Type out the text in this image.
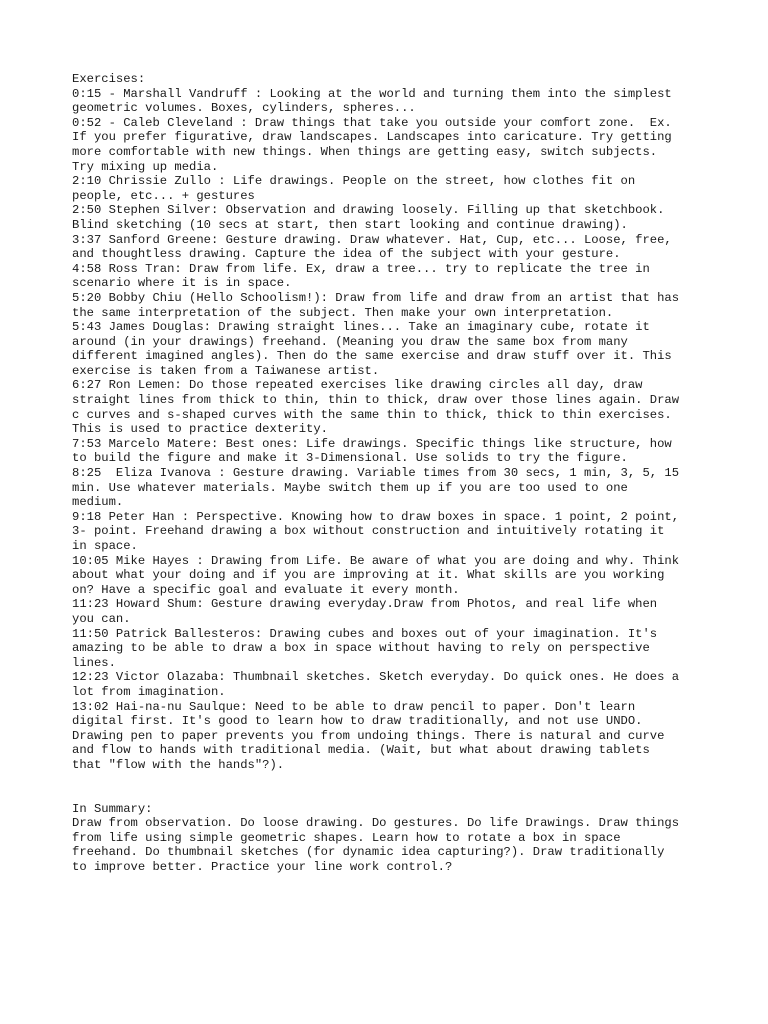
Exercises:
0:15 - Marshall Vandruff : Looking at the world and turning them into the simplest
geometric volumes. Boxes, cylinders, spheres...
0:52 - Caleb Cleveland : Draw things that take you outside your comfort zone.  Ex.
If you prefer figurative, draw landscapes. Landscapes into caricature. Try getting
more comfortable with new things. When things are getting easy, switch subjects.
Try mixing up media.
2:10 Chrissie Zullo : Life drawings. People on the street, how clothes fit on
people, etc... + gestures
2:50 Stephen Silver: Observation and drawing loosely. Filling up that sketchbook.
Blind sketching (10 secs at start, then start looking and continue drawing).
3:37 Sanford Greene: Gesture drawing. Draw whatever. Hat, Cup, etc... Loose, free,
and thoughtless drawing. Capture the idea of the subject with your gesture.
4:58 Ross Tran: Draw from life. Ex, draw a tree... try to replicate the tree in
scenario where it is in space.
5:20 Bobby Chiu (Hello Schoolism!): Draw from life and draw from an artist that has
the same interpretation of the subject. Then make your own interpretation.
5:43 James Douglas: Drawing straight lines... Take an imaginary cube, rotate it
around (in your drawings) freehand. (Meaning you draw the same box from many
different imagined angles). Then do the same exercise and draw stuff over it. This
exercise is taken from a Taiwanese artist.
6:27 Ron Lemen: Do those repeated exercises like drawing circles all day, draw
straight lines from thick to thin, thin to thick, draw over those lines again. Draw
c curves and s-shaped curves with the same thin to thick, thick to thin exercises.
This is used to practice dexterity.
7:53 Marcelo Matere: Best ones: Life drawings. Specific things like structure, how
to build the figure and make it 3-Dimensional. Use solids to try the figure.
8:25  Eliza Ivanova : Gesture drawing. Variable times from 30 secs, 1 min, 3, 5, 15
min. Use whatever materials. Maybe switch them up if you are too used to one
medium.
9:18 Peter Han : Perspective. Knowing how to draw boxes in space. 1 point, 2 point,
3- point. Freehand drawing a box without construction and intuitively rotating it
in space.
10:05 Mike Hayes : Drawing from Life. Be aware of what you are doing and why. Think
about what your doing and if you are improving at it. What skills are you working
on? Have a specific goal and evaluate it every month.
11:23 Howard Shum: Gesture drawing everyday.Draw from Photos, and real life when
you can.
11:50 Patrick Ballesteros: Drawing cubes and boxes out of your imagination. It's
amazing to be able to draw a box in space without having to rely on perspective
lines.
12:23 Victor Olazaba: Thumbnail sketches. Sketch everyday. Do quick ones. He does a
lot from imagination.
13:02 Hai-na-nu Saulque: Need to be able to draw pencil to paper. Don't learn
digital first. It's good to learn how to draw traditionally, and not use UNDO.
Drawing pen to paper prevents you from undoing things. There is natural and curve
and flow to hands with traditional media. (Wait, but what about drawing tablets
that "flow with the hands"?).
In Summary:
Draw from observation. Do loose drawing. Do gestures. Do life Drawings. Draw things
from life using simple geometric shapes. Learn how to rotate a box in space
freehand. Do thumbnail sketches (for dynamic idea capturing?). Draw traditionally
to improve better. Practice your line work control.?
